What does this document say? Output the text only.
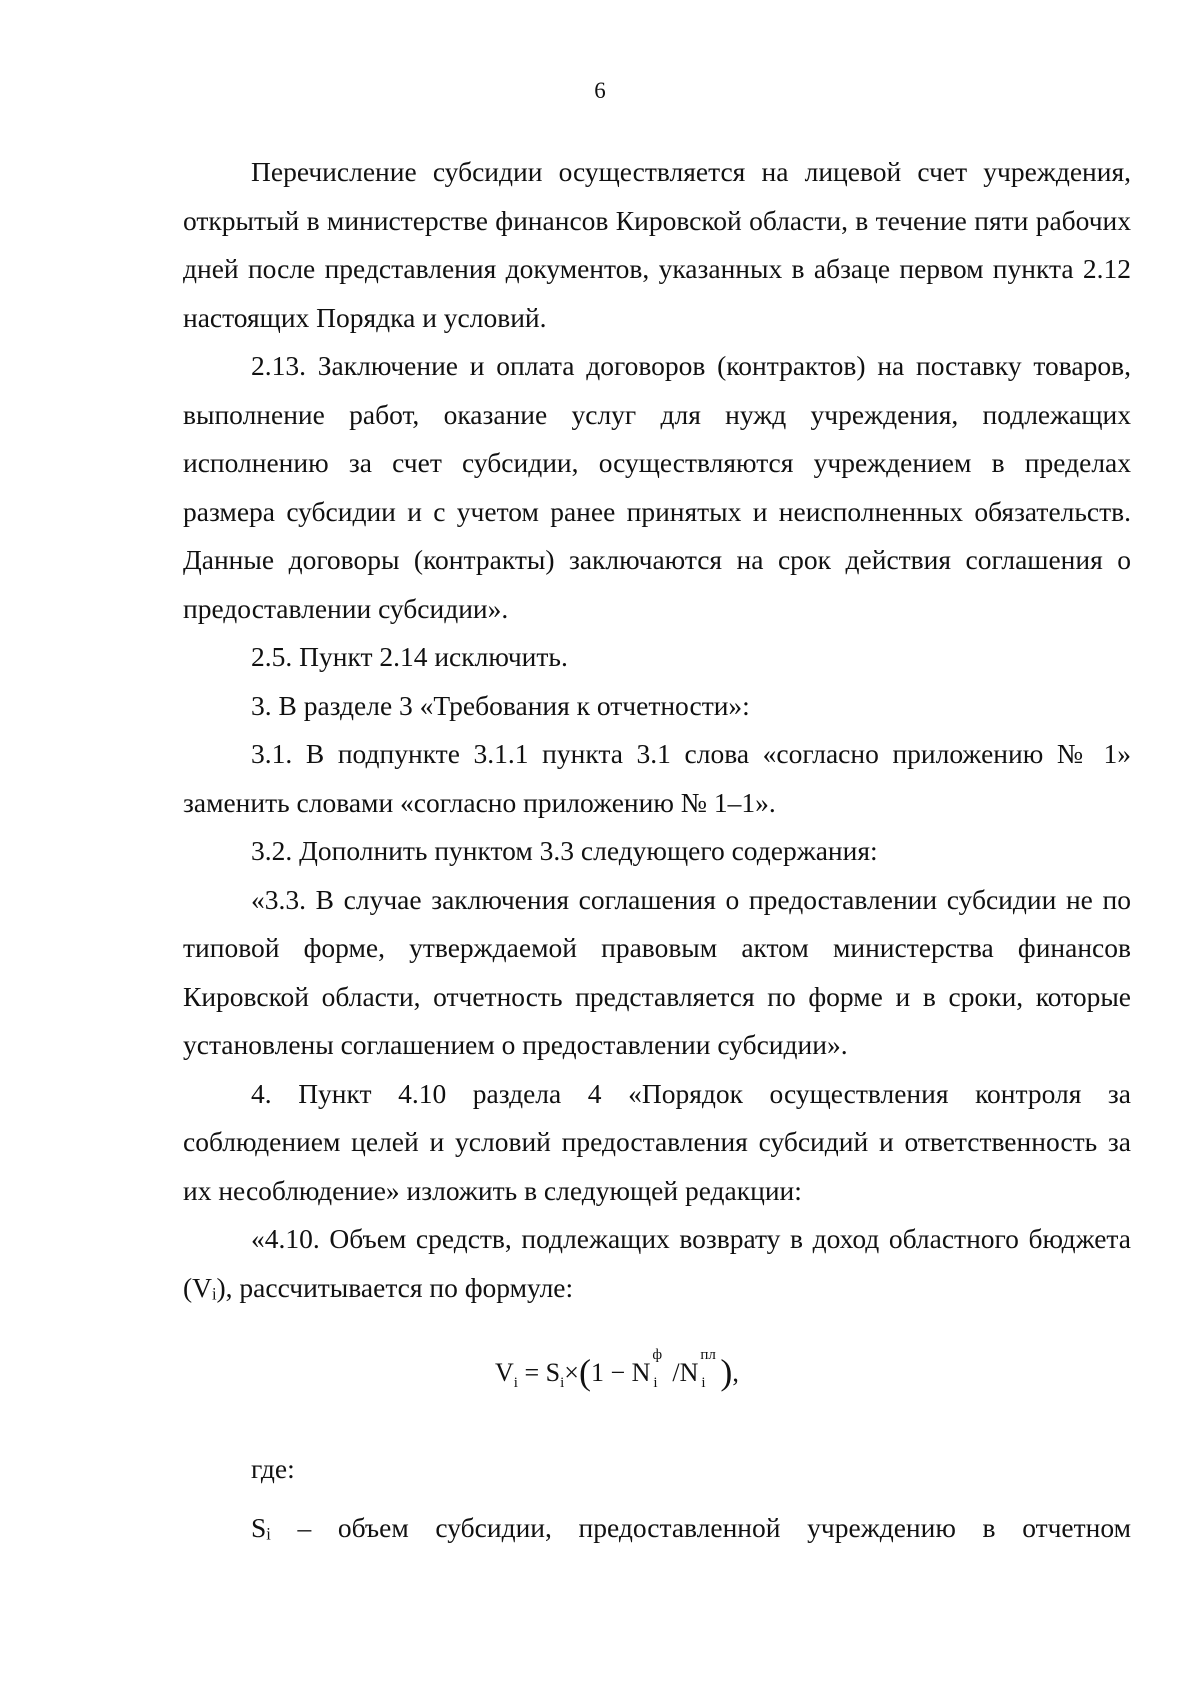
6

Перечисление субсидии осуществляется на лицевой счет учреждения, открытый в министерстве финансов Кировской области, в течение пяти рабочих дней после представления документов, указанных в абзаце первом пункта 2.12 настоящих Порядка и условий.

2.13. Заключение и оплата договоров (контрактов) на поставку товаров, выполнение работ, оказание услуг для нужд учреждения, подлежащих исполнению за счет субсидии, осуществляются учреждением в пределах размера субсидии и с учетом ранее принятых и неисполненных обязательств. Данные договоры (контракты) заключаются на срок действия соглашения о предоставлении субсидии».

2.5. Пункт 2.14 исключить.

3. В разделе 3 «Требования к отчетности»:

3.1. В подпункте 3.1.1 пункта 3.1 слова «согласно приложению № 1» заменить словами «согласно приложению № 1–1».

3.2. Дополнить пунктом 3.3 следующего содержания:

«3.3. В случае заключения соглашения о предоставлении субсидии не по типовой форме, утверждаемой правовым актом министерства финансов Кировской области, отчетность представляется по форме и в сроки, которые установлены соглашением о предоставлении субсидии».

4. Пункт 4.10 раздела 4 «Порядок осуществления контроля за соблюдением целей и условий предоставления субсидий и ответственность за их несоблюдение» изложить в следующей редакции:

«4.10. Объем средств, подлежащих возврату в доход областного бюджета (Vᵢ), рассчитывается по формуле:

$V_i = S_i\times(1 - N$
ф
i /N
пл
i ),

где:

Sᵢ – объем субсидии, предоставленной учреждению в отчетном
